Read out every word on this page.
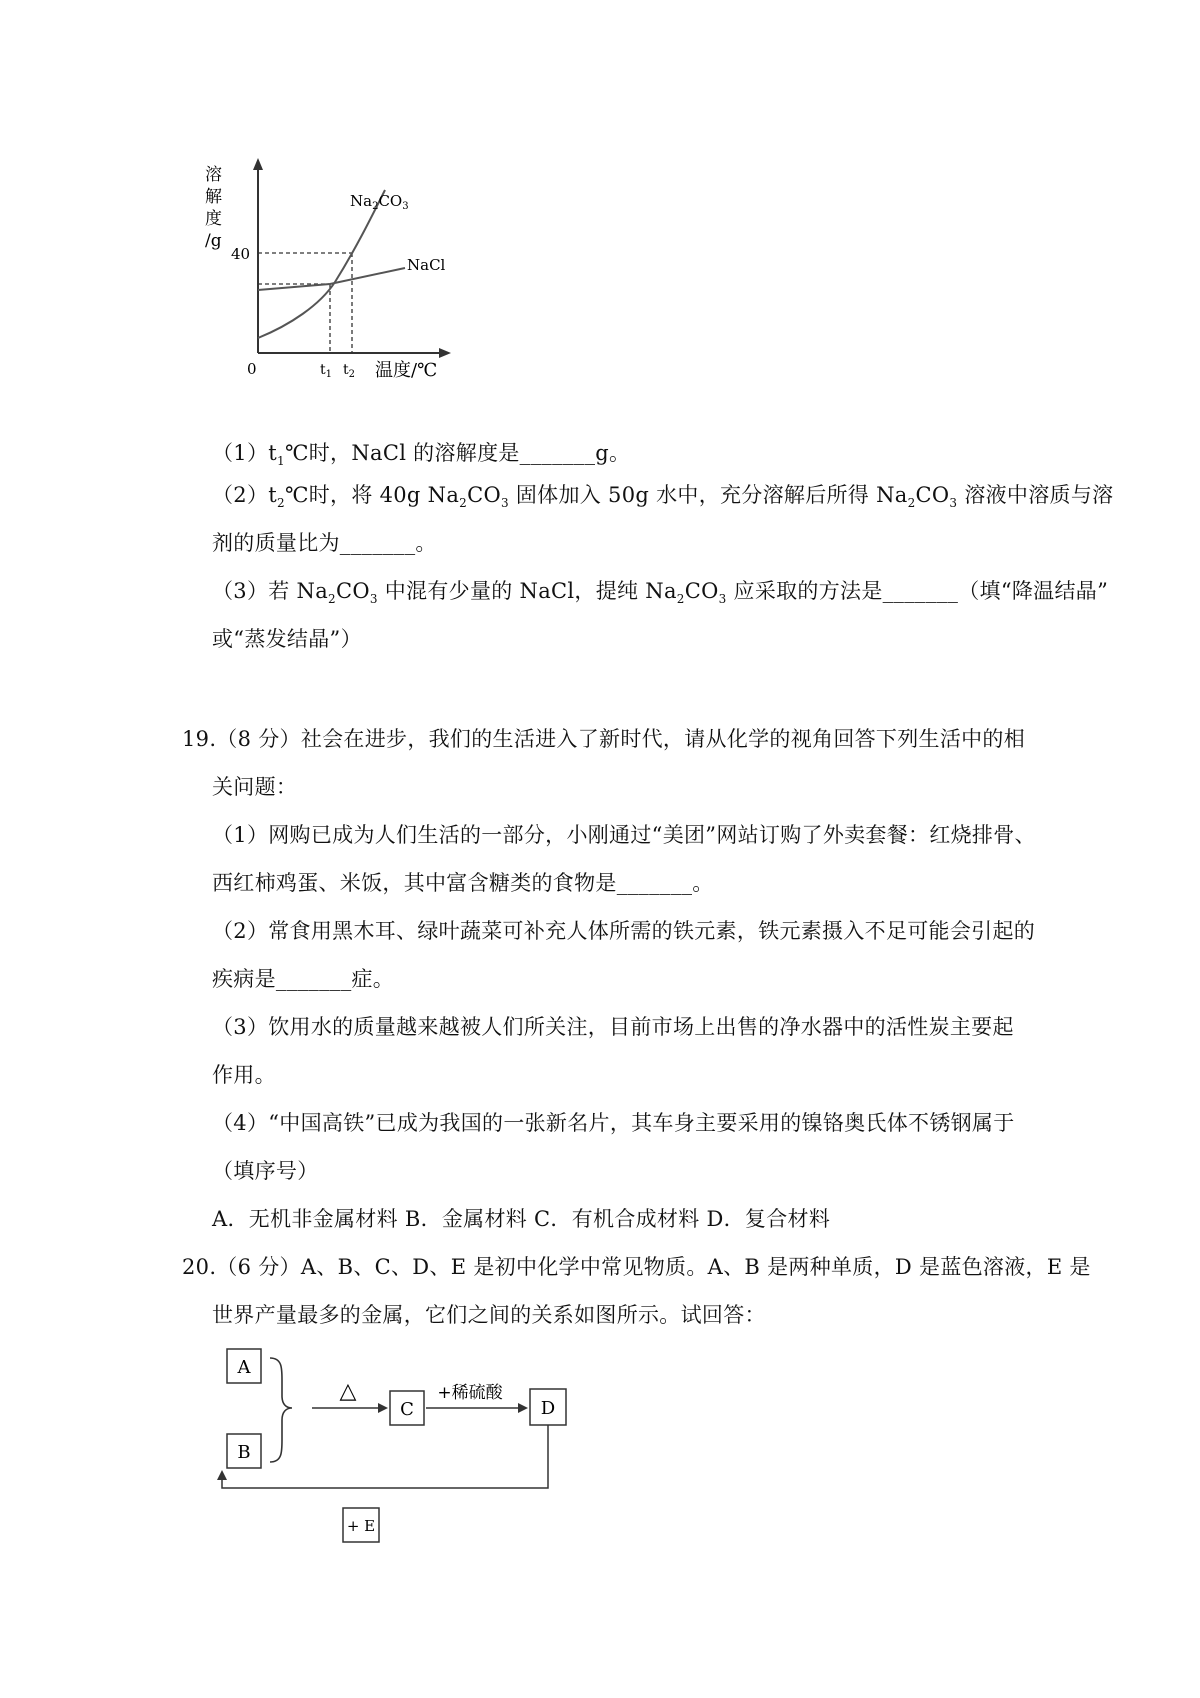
溶
解
度
/g
40
0	$t_1$ $t_2$ 温度/℃
$Na_2CO_3$
NaCl
$(1)t_1℃$时，NaCl 的溶解度是_______g。
$(2)t_2℃$时，将 40g $Na_2CO_3$ 固体加入 50g 水中，充分溶解后所得 $Na_2CO_3$ 溶液中溶质与溶
剂的质量比为_______。
（3）若 $Na_2CO_3$ 中混有少量的 NaCl，提纯 $Na_2CO_3$ 应采取的方法是_______（填“降温结晶”
或“蒸发结晶”）
19.（8 分）社会在进步，我们的生活进入了新时代，请从化学的视角回答下列生活中的相
关问题：
（1）网购已成为人们生活的一部分，小刚通过“美团”网站订购了外卖套餐：红烧排骨、
西红柿鸡蛋、米饭，其中富含糖类的食物是_______。
（2）常食用黑木耳、绿叶蔬菜可补充人体所需的铁元素，铁元素摄入不足可能会引起的
疾病是_______症。
（3）饮用水的质量越来越被人们所关注，目前市场上出售的净水器中的活性炭主要起
作用。
（4）“中国高铁”已成为我国的一张新名片，其车身主要采用的镍铬奥氏体不锈钢属于
（填序号）
A．无机非金属材料 B．金属材料 C．有机合成材料 D．复合材料
20.（6 分）A、B、C、D、E 是初中化学中常见物质。A、B 是两种单质，D 是蓝色溶液，E 是
世界产量最多的金属，它们之间的关系如图所示。试回答：
A
B
△
C
+稀硫酸
D
+ E
